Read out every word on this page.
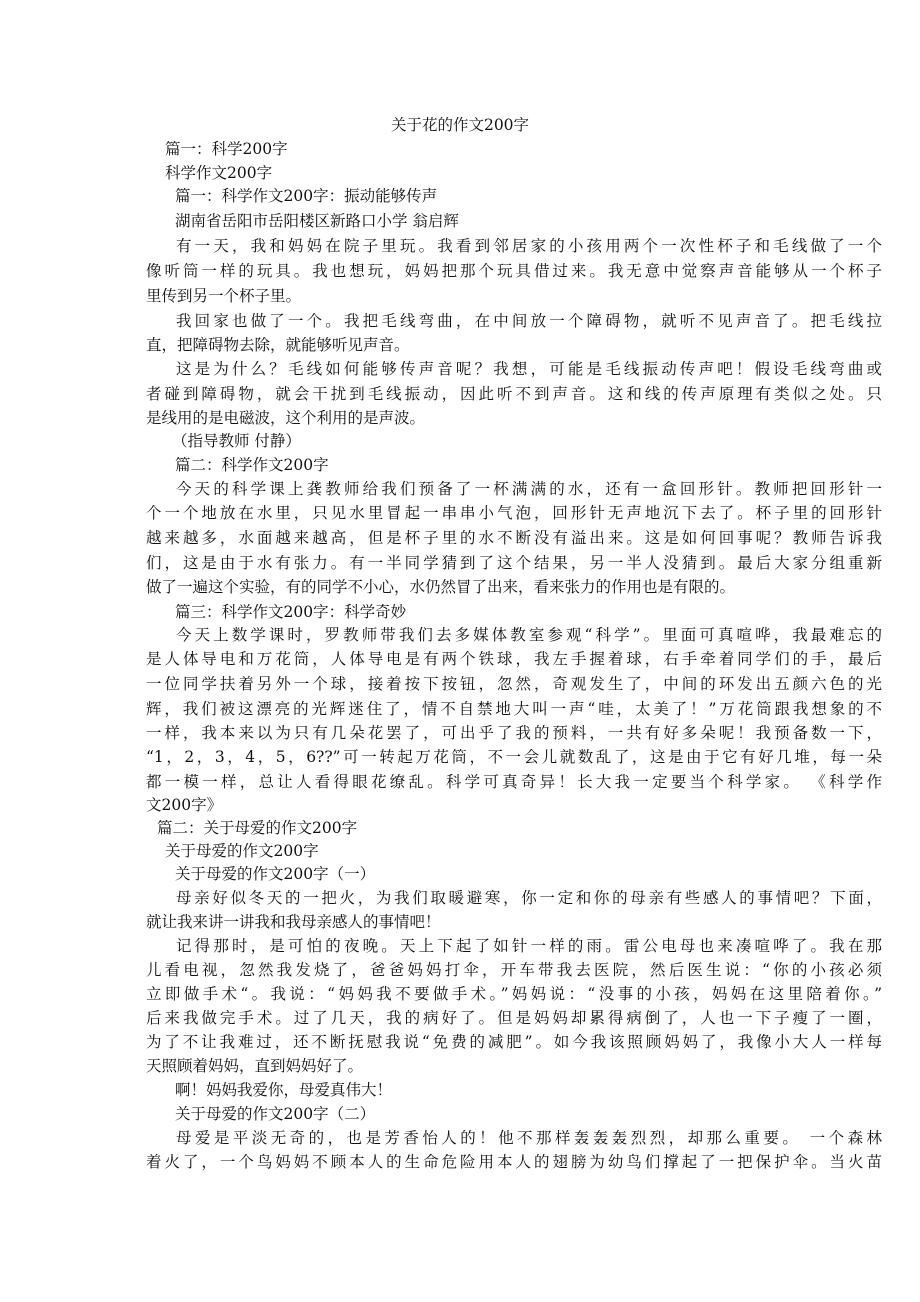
关于花的作文200字
篇一：科学200字
科学作文200字
篇一：科学作文200字：振动能够传声
湖南省岳阳市岳阳楼区新路口小学 翁启辉
有一天，我和妈妈在院子里玩。我看到邻居家的小孩用两个一次性杯子和毛线做了一个
像听筒一样的玩具。我也想玩，妈妈把那个玩具借过来。我无意中觉察声音能够从一个杯子
里传到另一个杯子里。
我回家也做了一个。我把毛线弯曲，在中间放一个障碍物，就听不见声音了。把毛线拉
直，把障碍物去除，就能够听见声音。
这是为什么？毛线如何能够传声音呢？我想，可能是毛线振动传声吧！假设毛线弯曲或
者碰到障碍物，就会干扰到毛线振动，因此听不到声音。这和线的传声原理有类似之处。只
是线用的是电磁波，这个利用的是声波。
（指导教师 付静）
篇二：科学作文200字
今天的科学课上龚教师给我们预备了一杯满满的水，还有一盒回形针。教师把回形针一
个一个地放在水里，只见水里冒起一串串小气泡，回形针无声地沉下去了。杯子里的回形针
越来越多，水面越来越高，但是杯子里的水不断没有溢出来。这是如何回事呢？教师告诉我
们，这是由于水有张力。有一半同学猜到了这个结果，另一半人没猜到。最后大家分组重新
做了一遍这个实验，有的同学不小心，水仍然冒了出来，看来张力的作用也是有限的。
篇三：科学作文200字：科学奇妙
今天上数学课时，罗教师带我们去多媒体教室参观“科学”。里面可真喧哗，我最难忘的
是人体导电和万花筒，人体导电是有两个铁球，我左手握着球，右手牵着同学们的手，最后
一位同学扶着另外一个球，接着按下按钮，忽然，奇观发生了，中间的环发出五颜六色的光
辉，我们被这漂亮的光辉迷住了，情不自禁地大叫一声“哇，太美了！”万花筒跟我想象的不
一样，我本来以为只有几朵花罢了，可出乎了我的预料，一共有好多朵呢！我预备数一下，
“1，2，3，4，5，6??”可一转起万花筒，不一会儿就数乱了，这是由于它有好几堆，每一朵
都一模一样，总让人看得眼花缭乱。科学可真奇异！长大我一定要当个科学家。 《科学作
文200字》
篇二：关于母爱的作文200字
关于母爱的作文200字
关于母爱的作文200字（一）
母亲好似冬天的一把火，为我们取暖避寒，你一定和你的母亲有些感人的事情吧？下面，
就让我来讲一讲我和我母亲感人的事情吧！
记得那时，是可怕的夜晚。天上下起了如针一样的雨。雷公电母也来凑喧哗了。我在那
儿看电视，忽然我发烧了，爸爸妈妈打伞，开车带我去医院，然后医生说：“你的小孩必须
立即做手术“。我说：“妈妈我不要做手术。”妈妈说：“没事的小孩，妈妈在这里陪着你。”
后来我做完手术。过了几天，我的病好了。但是妈妈却累得病倒了，人也一下子瘦了一圈，
为了不让我难过，还不断抚慰我说“免费的减肥”。如今我该照顾妈妈了，我像小大人一样每
天照顾着妈妈，直到妈妈好了。
啊！妈妈我爱你，母爱真伟大！
关于母爱的作文200字（二）
母爱是平淡无奇的，也是芳香怡人的！他不那样轰轰轰烈烈，却那么重要。 一个森林
着火了，一个鸟妈妈不顾本人的生命危险用本人的翅膀为幼鸟们撑起了一把保护伞。当火苗
